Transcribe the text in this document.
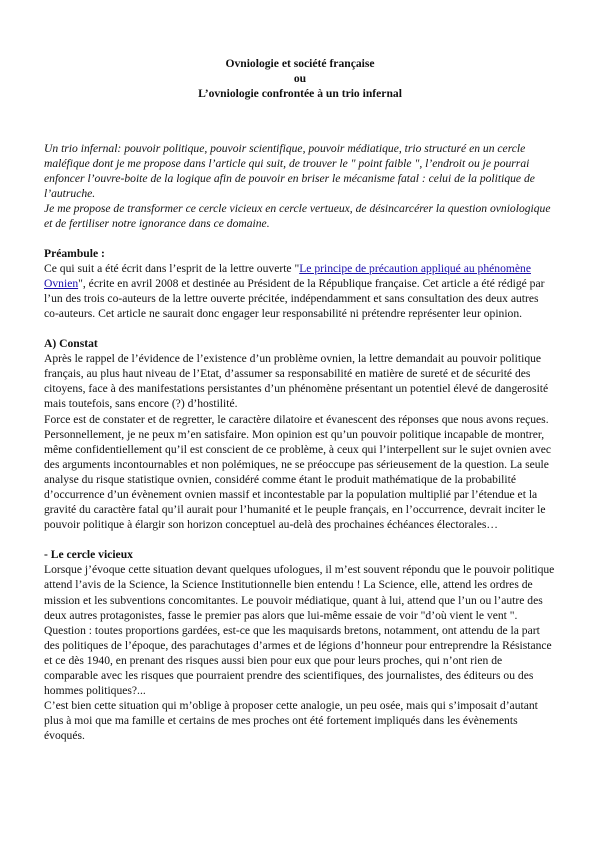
Ovniologie et société française
ou
L’ovniologie confrontée à un trio infernal

Un trio infernal: pouvoir politique, pouvoir scientifique, pouvoir médiatique, trio structuré en un cercle maléfique dont je me propose dans l’article qui suit, de trouver le " point faible ", l’endroit ou je pourrai enfoncer l’ouvre-boite de la logique afin de pouvoir en briser le mécanisme fatal : celui de la politique de l’autruche.

Je me propose de transformer ce cercle vicieux en cercle vertueux, de désincarcérer la question ovniologique et de fertiliser notre ignorance dans ce domaine.

Préambule :

Ce qui suit a été écrit dans l’esprit de la lettre ouverte "Le principe de précaution appliqué au phénomène Ovnien", écrite en avril 2008 et destinée au Président de la République française. Cet article a été rédigé par l’un des trois co-auteurs de la lettre ouverte précitée, indépendamment et sans consultation des deux autres co-auteurs. Cet article ne saurait donc engager leur responsabilité ni prétendre représenter leur opinion.

A) Constat

Après le rappel de l’évidence de l’existence d’un problème ovnien, la lettre demandait au pouvoir politique français, au plus haut niveau de l’Etat, d’assumer sa responsabilité en matière de sureté et de sécurité des citoyens, face à des manifestations persistantes d’un phénomène présentant un potentiel élevé de dangerosité mais toutefois, sans encore (?) d’hostilité.

Force est de constater et de regretter, le caractère dilatoire et évanescent des réponses que nous avons reçues. Personnellement, je ne peux m’en satisfaire. Mon opinion est qu’un pouvoir politique incapable de montrer, même confidentiellement qu’il est conscient de ce problème, à ceux qui l’interpellent sur le sujet ovnien avec des arguments incontournables et non polémiques, ne se préoccupe pas sérieusement de la question. La seule analyse du risque statistique ovnien, considéré comme étant le produit mathématique de la probabilité d’occurrence d’un évènement ovnien massif et incontestable par la population multiplié par l’étendue et la gravité du caractère fatal qu’il aurait pour l’humanité et le peuple français, en l’occurrence, devrait inciter le pouvoir politique à élargir son horizon conceptuel au-delà des prochaines échéances électorales…

- Le cercle vicieux

Lorsque j’évoque cette situation devant quelques ufologues, il m’est souvent répondu que le pouvoir politique attend l’avis de la Science, la Science Institutionnelle bien entendu ! La Science, elle, attend les ordres de mission et les subventions concomitantes. Le pouvoir médiatique, quant à lui, attend que l’un ou l’autre des deux autres protagonistes, fasse le premier pas alors que lui-même essaie de voir "d’où vient le vent ".

Question : toutes proportions gardées, est-ce que les maquisards bretons, notamment, ont attendu de la part des politiques de l’époque, des parachutages d’armes et de légions d’honneur pour entreprendre la Résistance et ce dès 1940, en prenant des risques aussi bien pour eux que pour leurs proches, qui n’ont rien de comparable avec les risques que pourraient prendre des scientifiques, des journalistes, des éditeurs ou des hommes politiques?...

C’est bien cette situation qui m’oblige à proposer cette analogie, un peu osée, mais qui s’imposait d’autant plus à moi que ma famille et certains de mes proches ont été fortement impliqués dans les évènements évoqués.
